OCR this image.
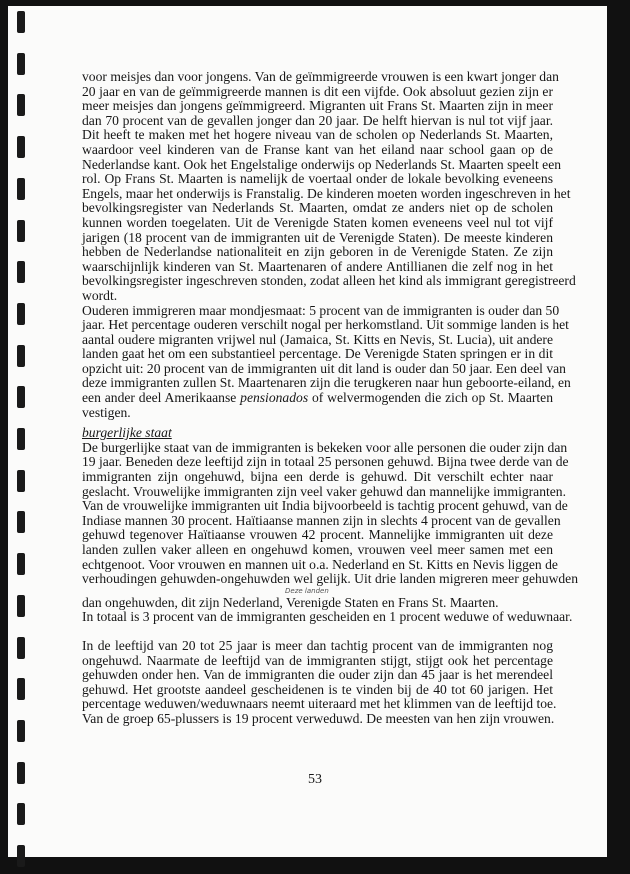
voor meisjes dan voor jongens. Van de geïmmigreerde vrouwen is een kwart jonger dan
20 jaar en van de geïmmigreerde mannen is dit een vijfde. Ook absoluut gezien zijn er
meer meisjes dan jongens geïmmigreerd. Migranten uit Frans St. Maarten zijn in meer
dan 70 procent van de gevallen jonger dan 20 jaar. De helft hiervan is nul tot vijf jaar.
Dit heeft te maken met het hogere niveau van de scholen op Nederlands St. Maarten,
waardoor veel kinderen van de Franse kant van het eiland naar school gaan op de
Nederlandse kant. Ook het Engelstalige onderwijs op Nederlands St. Maarten speelt een
rol. Op Frans St. Maarten is namelijk de voertaal onder de lokale bevolking eveneens
Engels, maar het onderwijs is Franstalig. De kinderen moeten worden ingeschreven in het
bevolkingsregister van Nederlands St. Maarten, omdat ze anders niet op de scholen
kunnen worden toegelaten. Uit de Verenigde Staten komen eveneens veel nul tot vijf
jarigen (18 procent van de immigranten uit de Verenigde Staten). De meeste kinderen
hebben de Nederlandse nationaliteit en zijn geboren in de Verenigde Staten. Ze zijn
waarschijnlijk kinderen van St. Maartenaren of andere Antillianen die zelf nog in het
bevolkingsregister ingeschreven stonden, zodat alleen het kind als immigrant geregistreerd
wordt.
Ouderen immigreren maar mondjesmaat: 5 procent van de immigranten is ouder dan 50
jaar. Het percentage ouderen verschilt nogal per herkomstland. Uit sommige landen is het
aantal oudere migranten vrijwel nul (Jamaica, St. Kitts en Nevis, St. Lucia), uit andere
landen gaat het om een substantieel percentage. De Verenigde Staten springen er in dit
opzicht uit: 20 procent van de immigranten uit dit land is ouder dan 50 jaar. Een deel van
deze immigranten zullen St. Maartenaren zijn die terugkeren naar hun geboorte-eiland, en
een ander deel Amerikaanse pensionados of welvermogenden die zich op St. Maarten
vestigen.
burgerlijke staat
De burgerlijke staat van de immigranten is bekeken voor alle personen die ouder zijn dan
19 jaar. Beneden deze leeftijd zijn in totaal 25 personen gehuwd. Bijna twee derde van de
immigranten zijn ongehuwd, bijna een derde is gehuwd. Dit verschilt echter naar
geslacht. Vrouwelijke immigranten zijn veel vaker gehuwd dan mannelijke immigranten.
Van de vrouwelijke immigranten uit India bijvoorbeeld is tachtig procent gehuwd, van de
Indiase mannen 30 procent. Haïtiaanse mannen zijn in slechts 4 procent van de gevallen
gehuwd tegenover Haïtiaanse vrouwen 42 procent. Mannelijke immigranten uit deze
landen zullen vaker alleen en ongehuwd komen, vrouwen veel meer samen met een
echtgenoot. Voor vrouwen en mannen uit o.a. Nederland en St. Kitts en Nevis liggen de
verhoudingen gehuwden-ongehuwden wel gelijk. Uit drie landen migreren meer gehuwden
Deze landen
dan ongehuwden, dit zijn Nederland, Verenigde Staten en Frans St. Maarten.
In totaal is 3 procent van de immigranten gescheiden en 1 procent weduwe of weduwnaar.
In de leeftijd van 20 tot 25 jaar is meer dan tachtig procent van de immigranten nog
ongehuwd. Naarmate de leeftijd van de immigranten stijgt, stijgt ook het percentage
gehuwden onder hen. Van de immigranten die ouder zijn dan 45 jaar is het merendeel
gehuwd. Het grootste aandeel gescheidenen is te vinden bij de 40 tot 60 jarigen. Het
percentage weduwen/weduwnaars neemt uiteraard met het klimmen van de leeftijd toe.
Van de groep 65-plussers is 19 procent verweduwd. De meesten van hen zijn vrouwen.
53
